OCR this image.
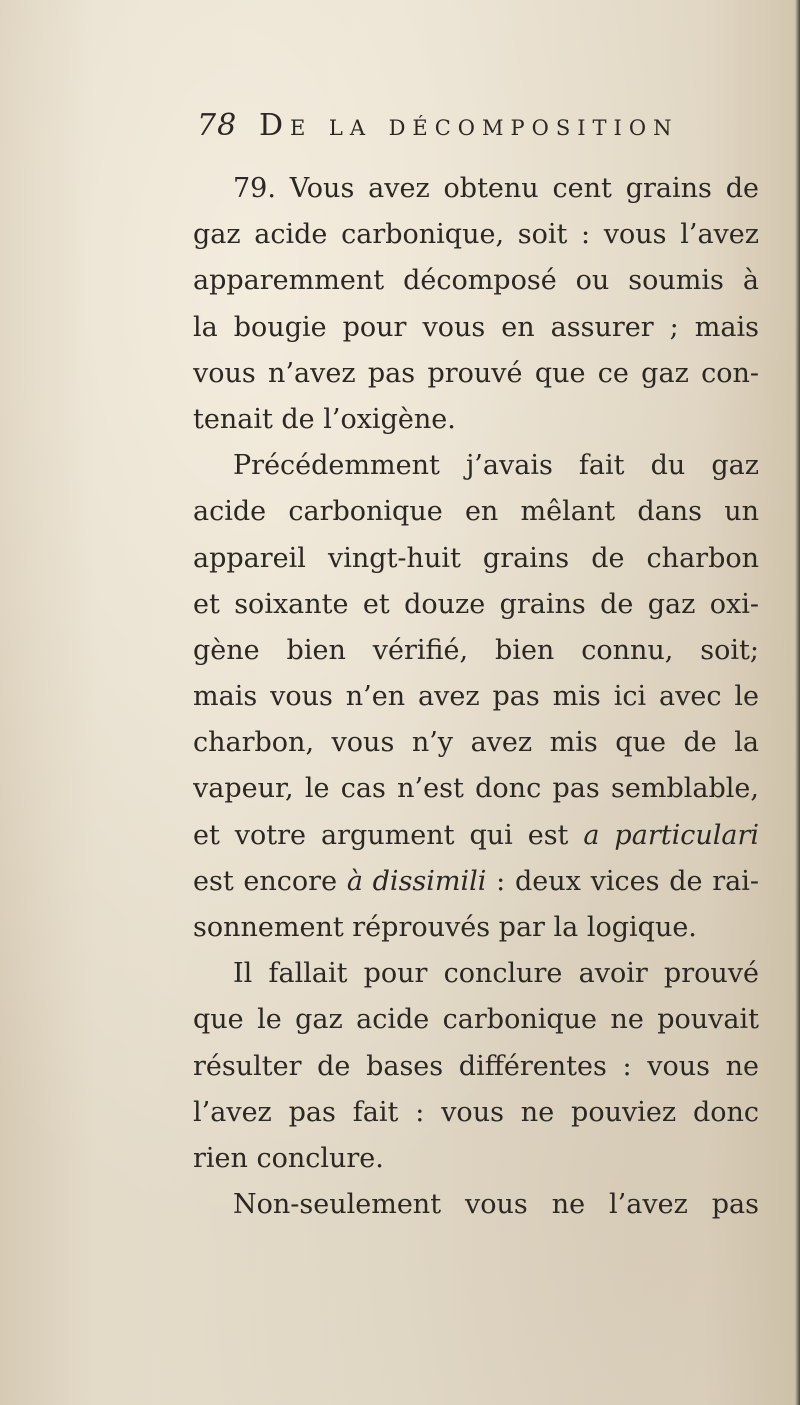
78 De la décomposition
79. Vous avez obtenu cent grains de
gaz acide carbonique, soit : vous l’avez
apparemment décomposé ou soumis à
la bougie pour vous en assurer ; mais
vous n’avez pas prouvé que ce gaz con-
tenait de l’oxigène.
Précédemment j’avais fait du gaz
acide carbonique en mêlant dans un
appareil vingt-huit grains de charbon
et soixante et douze grains de gaz oxi-
gène bien vérifié, bien connu, soit;
mais vous n’en avez pas mis ici avec le
charbon, vous n’y avez mis que de la
vapeur, le cas n’est donc pas semblable,
et votre argument qui est a particulari
est encore à dissimili : deux vices de rai-
sonnement réprouvés par la logique.
Il fallait pour conclure avoir prouvé
que le gaz acide carbonique ne pouvait
résulter de bases différentes : vous ne
l’avez pas fait : vous ne pouviez donc
rien conclure.
Non-seulement vous ne l’avez pas
